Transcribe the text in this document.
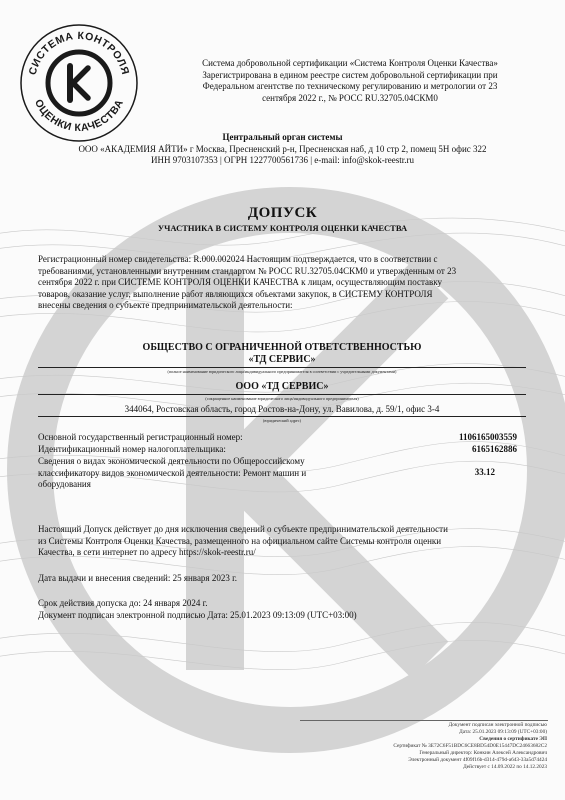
СИСТЕМА КОНТРОЛЯ
ОЦЕНКИ КАЧЕСТВА
Система добровольной сертификации «Система Контроля Оценки Качества»
Зарегистрирована в едином реестре систем добровольной сертификации при
Федеральном агентстве по техническому регулированию и метрологии от 23
сентября 2022 г., № РОСС RU.32705.04СКМ0
Центральный орган системы
ООО «АКАДЕМИЯ АЙТИ» г Москва, Пресненский р-н, Пресненская наб, д 10 стр 2, помещ 5Н офис 322
ИНН 9703107353 | ОГРН 1227700561736 | e-mail: info@skok-reestr.ru
ДОПУСК
УЧАСТНИКА В СИСТЕМУ КОНТРОЛЯ ОЦЕНКИ КАЧЕСТВА
Регистрационный номер свидетельства: R.000.002024 Настоящим подтверждается, что в соответствии с
требованиями, установленными внутренним стандартом № РОСС RU.32705.04СКМ0 и утвержденным от 23
сентября 2022 г. при СИСТЕМЕ КОНТРОЛЯ ОЦЕНКИ КАЧЕСТВА к лицам, осуществляющим поставку
товаров, оказание услуг, выполнение работ являющихся объектами закупок, в СИСТЕМУ КОНТРОЛЯ
внесены сведения о субъекте предпринимательской деятельности:
ОБЩЕСТВО С ОГРАНИЧЕННОЙ ОТВЕТСТВЕННОСТЬЮ
«ТД СЕРВИС»
(полное наименование юридического лица/индивидуального предпринимателя в соответствии с учредительными документами)
ООО «ТД СЕРВИС»
(сокращенное наименование юридического лица/индивидуального предпринимателя)
344064, Ростовская область, город Ростов-на-Дону, ул. Вавилова, д. 59/1, офис 3-4
(юридический адрес)
Основной государственный регистрационный номер:	1106165003559
Идентификационный номер налогоплательщика:	6165162886
Сведения о видах экономической деятельности по Общероссийскому
классификатору видов экономической деятельности: Ремонт машин и
оборудования
33.12
Настоящий Допуск действует до дня исключения сведений о субъекте предпринимательской деятельности
из Системы Контроля Оценки Качества, размещенного на официальном сайте Системы контроля оценки
Качества, в сети интернет по адресу https://skok-reestr.ru/
Дата выдачи и внесения сведений: 25 января 2023 г.
Срок действия допуска до: 24 января 2024 г.
Документ подписан электронной подписью Дата: 25.01.2023 09:13:09 (UTC+03:00)
Документ подписан электронной подписью
Дата: 25.01.2023 09:13:09 (UTC+03:00)
Сведения о сертификате ЭП
Сертификат № 3E72C6F51BDC6CE8BD54D0E15447DC24663682C2
Генеральный директор: Конкин Алексей Александрович
Электронный документ 4f09f16b-d314-479d-a643-33a5d74424
Действует с 14.09.2022 по 14.12.2023
